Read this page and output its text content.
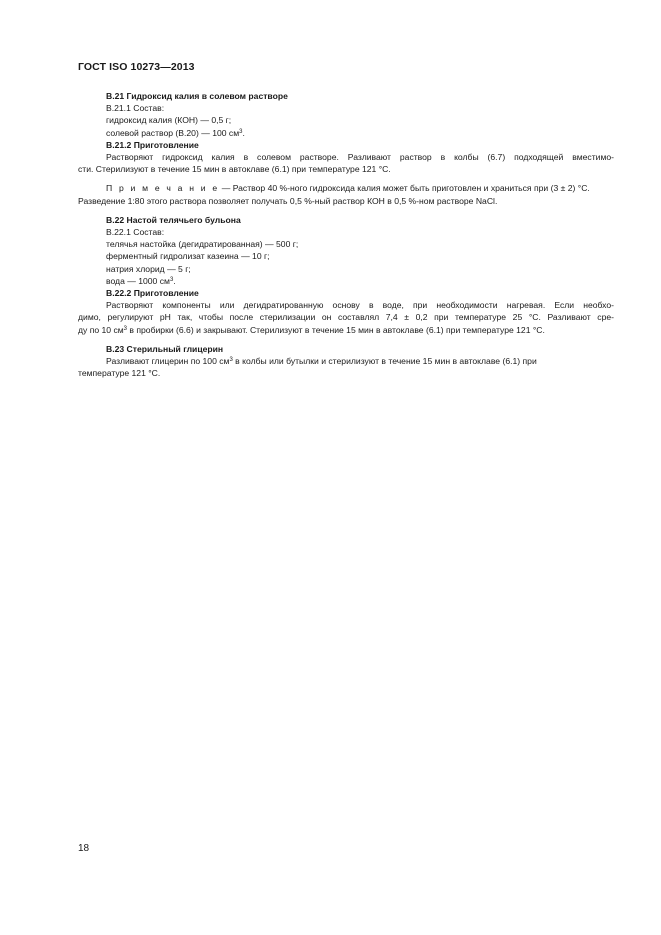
ГОСТ ISO 10273—2013
В.21 Гидроксид калия в солевом растворе
В.21.1 Состав:
гидроксид калия (КОН) — 0,5 г;
солевой раствор (В.20) — 100 $см^3$.
В.21.2 Приготовление
Растворяют гидроксид калия в солевом растворе. Разливают раствор в колбы (6.7) подходящей вместимо-
сти. Стерилизуют в течение 15 мин в автоклаве (6.1) при температуре 121 °С.
П р и м е ч а н и е — Раствор 40 %-ного гидроксида калия может быть приготовлен и храниться при (3 ± 2) °С.
Разведение 1:80 этого раствора позволяет получать 0,5 %-ный раствор КОН в 0,5 %-ном растворе NaCl.
В.22 Настой телячьего бульона
В.22.1 Состав:
телячья настойка (дегидратированная) — 500 г;
ферментный гидролизат казеина — 10 г;
натрия хлорид — 5 г;
вода — 1000 $см^3$.
В.22.2 Приготовление
Растворяют компоненты или дегидратированную основу в воде, при необходимости нагревая. Если необхо-
димо, регулируют рН так, чтобы после стерилизации он составлял 7,4 ± 0,2 при температуре 25 °С. Разливают сре-
ду по 10 $см^3$ в пробирки (6.6) и закрывают. Стерилизуют в течение 15 мин в автоклаве (6.1) при температуре 121 °С.
В.23 Стерильный глицерин
Разливают глицерин по 100 $см^3$ в колбы или бутылки и стерилизуют в течение 15 мин в автоклаве (6.1) при
температуре 121 °С.
18
